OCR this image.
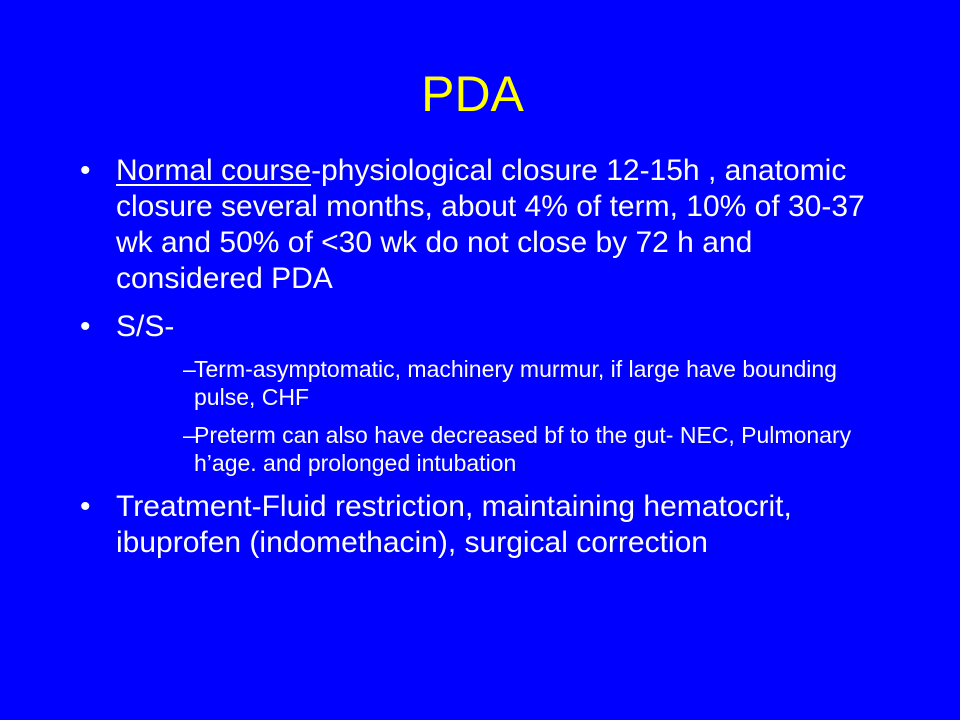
PDA
• Normal course-physiological closure 12-15h , anatomic closure several months, about 4% of term, 10% of 30-37 wk and 50% of <30 wk do not close by 72 h and considered PDA
• S/S-
–
Term-asymptomatic, machinery murmur, if large have bounding pulse, CHF
–
Preterm can also have decreased bf to the gut- NEC, Pulmonary h’age. and prolonged intubation
• Treatment-Fluid restriction, maintaining hematocrit, ibuprofen (indomethacin), surgical correction
